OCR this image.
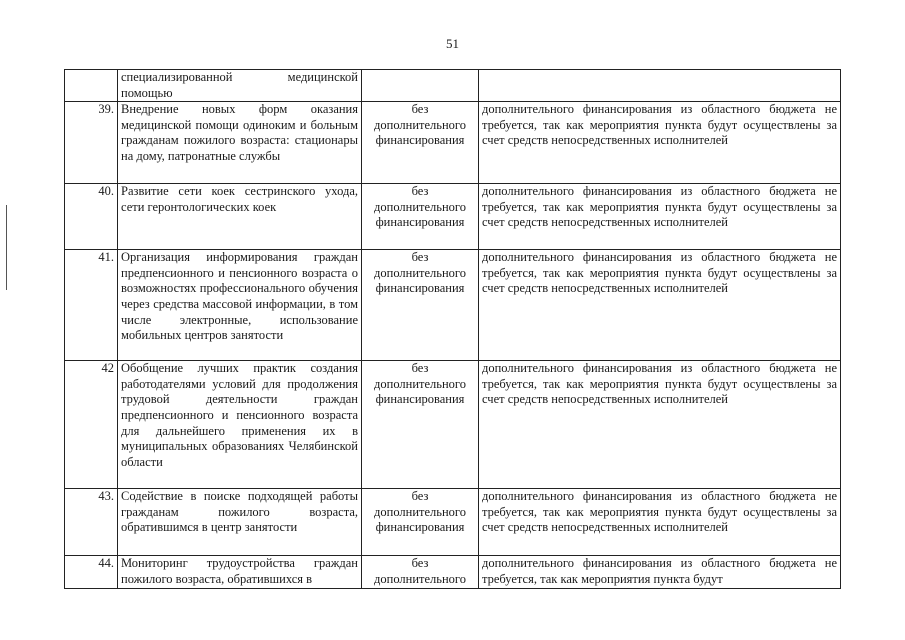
51
	специализированной медицинской помощью		
39.	Внедрение новых форм оказания медицинской помощи одиноким и больным гражданам пожилого возраста: стационары на дому, патронатные службы	без дополнительного финансирования	дополнительного финансирования из областного бюджета не требуется, так как мероприятия пункта будут осуществлены за счет средств непосредственных исполнителей
40.	Развитие сети коек сестринского ухода, сети геронтологических коек	без дополнительного финансирования	дополнительного финансирования из областного бюджета не требуется, так как мероприятия пункта будут осуществлены за счет средств непосредственных исполнителей
41.	Организация информирования граждан предпенсионного и пенсионного возраста о возможностях профессионального обучения через средства массовой информации, в том числе электронные, использование мобильных центров занятости	без дополнительного финансирования	дополнительного финансирования из областного бюджета не требуется, так как мероприятия пункта будут осуществлены за счет средств непосредственных исполнителей
42	Обобщение лучших практик создания работодателями условий для продолжения трудовой деятельности граждан предпенсионного и пенсионного возраста для дальнейшего применения их в муниципальных образованиях Челябинской области	без дополнительного финансирования	дополнительного финансирования из областного бюджета не требуется, так как мероприятия пункта будут осуществлены за счет средств непосредственных исполнителей
43.	Содействие в поиске подходящей работы гражданам пожилого возраста, обратившимся в центр занятости	без дополнительного финансирования	дополнительного финансирования из областного бюджета не требуется, так как мероприятия пункта будут осуществлены за счет средств непосредственных исполнителей
44.	Мониторинг трудоустройства граждан пожилого возраста, обратившихся в	без дополнительного	дополнительного финансирования из областного бюджета не требуется, так как мероприятия пункта будут
